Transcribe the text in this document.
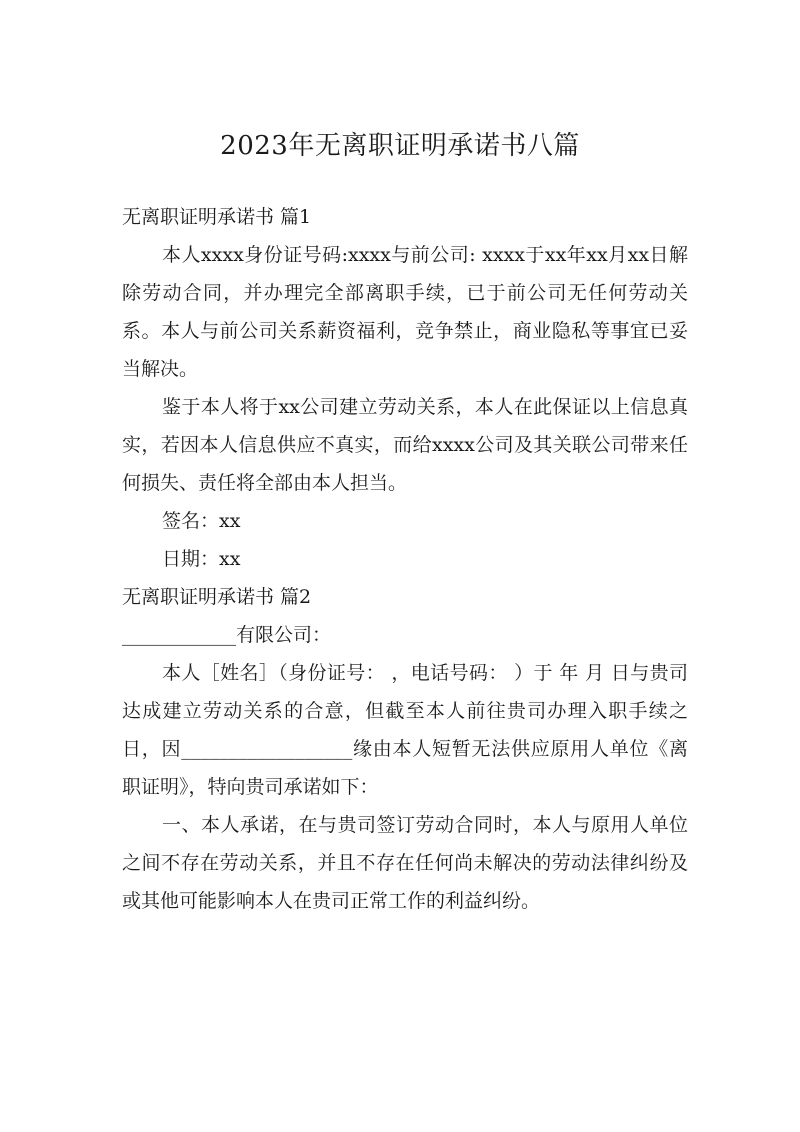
2023年无离职证明承诺书八篇

无离职证明承诺书 篇1

本人xxxx身份证号码:xxxx与前公司: xxxx于xx年xx月xx日解除劳动合同，并办理完全部离职手续，已于前公司无任何劳动关系。本人与前公司关系薪资福利，竞争禁止，商业隐私等事宜已妥当解决。

鉴于本人将于xx公司建立劳动关系，本人在此保证以上信息真实，若因本人信息供应不真实，而给xxxx公司及其关联公司带来任何损失、责任将全部由本人担当。

签名：xx

日期：xx

无离职证明承诺书 篇2

____________有限公司：

本人［姓名］（身份证号： ，电话号码： ）于 年 月 日与贵司达成建立劳动关系的合意，但截至本人前往贵司办理入职手续之日，因__________________缘由本人短暂无法供应原用人单位《离职证明》，特向贵司承诺如下：

一、本人承诺，在与贵司签订劳动合同时，本人与原用人单位之间不存在劳动关系，并且不存在任何尚未解决的劳动法律纠纷及或其他可能影响本人在贵司正常工作的利益纠纷。
